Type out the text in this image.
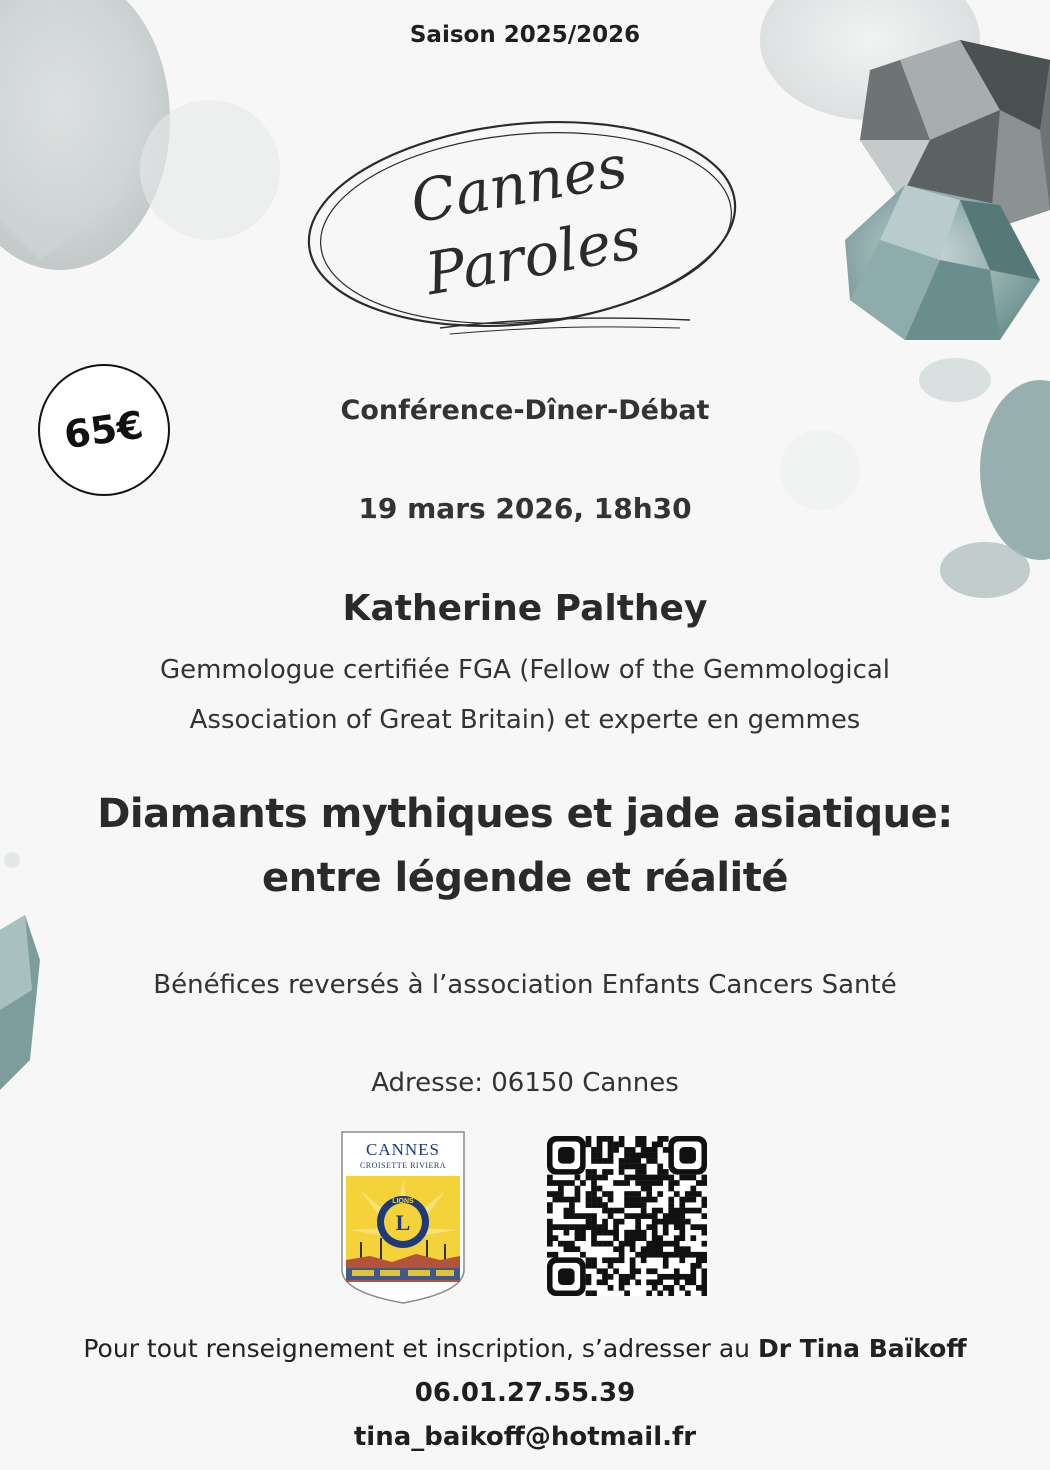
Saison 2025/2026
Cannes
Paroles
65€	Conférence-Dîner-Débat
19 mars 2026, 18h30
Katherine Palthey
Gemmologue certifiée FGA (Fellow of the Gemmological
Association of Great Britain) et experte en gemmes
Diamants mythiques et jade asiatique:
entre légende et réalité
Bénéfices reversés à l’association Enfants Cancers Santé
Adresse: 06150 Cannes
L
LIONS
CANNES
CROISETTE RIVIERA
Pour tout renseignement et inscription, s’adresser au Dr Tina Baïkoff
06.01.27.55.39
tina_baikoff@hotmail.fr
